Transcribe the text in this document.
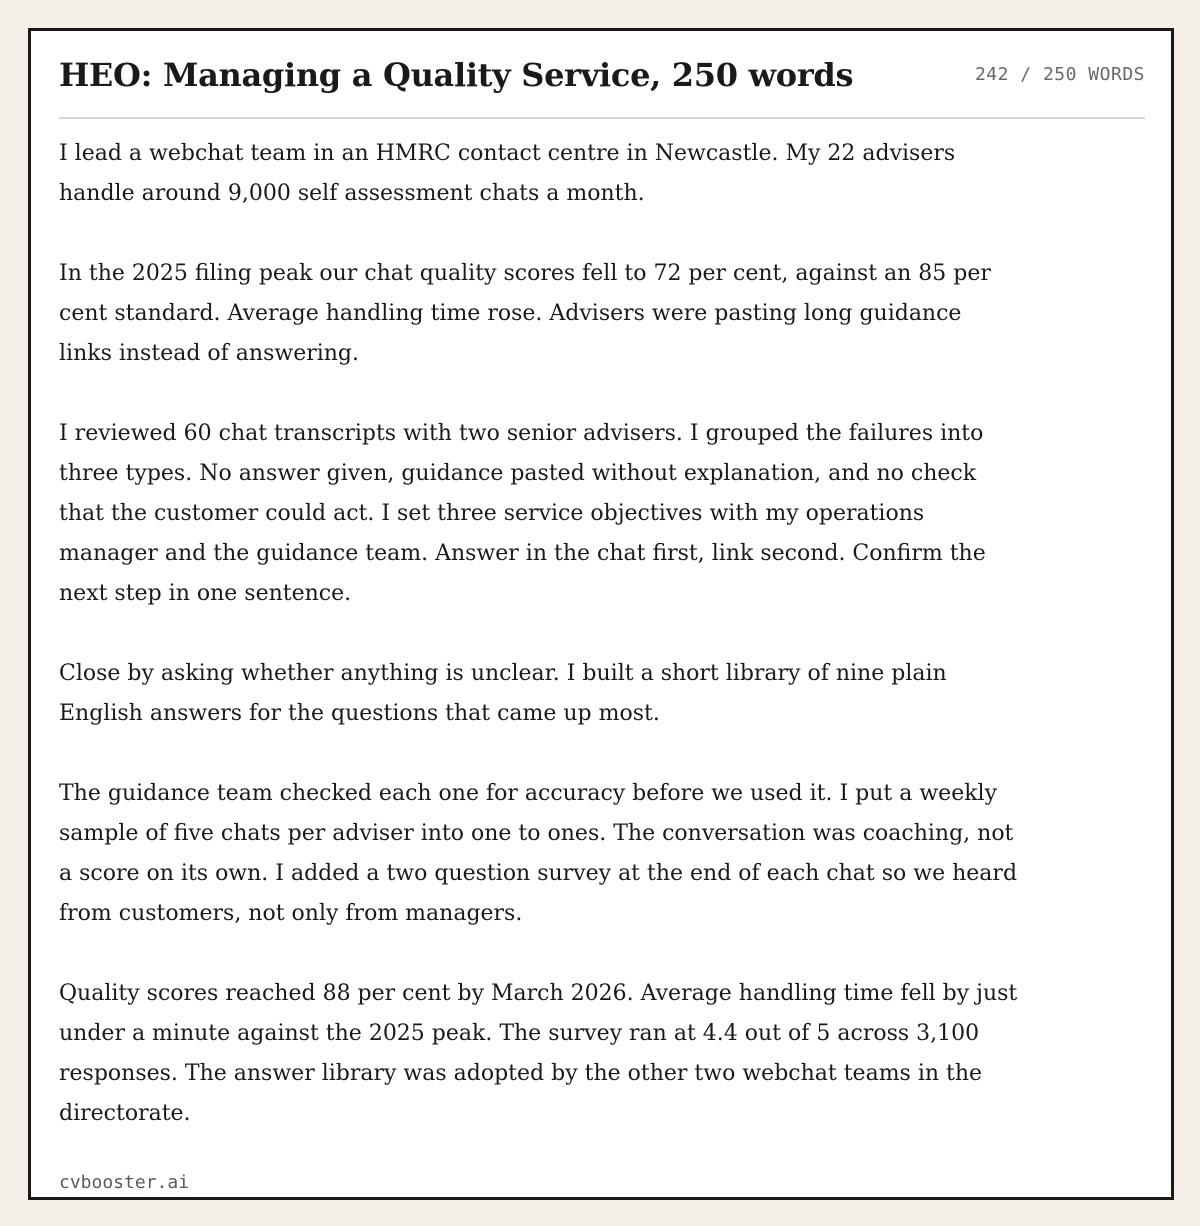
HEO: Managing a Quality Service, 250 words	242 / 250 WORDS

I lead a webchat team in an HMRC contact centre in Newcastle. My 22 advisers handle around 9,000 self assessment chats a month.

In the 2025 filing peak our chat quality scores fell to 72 per cent, against an 85 per cent standard. Average handling time rose. Advisers were pasting long guidance links instead of answering.

I reviewed 60 chat transcripts with two senior advisers. I grouped the failures into three types. No answer given, guidance pasted without explanation, and no check that the customer could act. I set three service objectives with my operations manager and the guidance team. Answer in the chat first, link second. Confirm the next step in one sentence.

Close by asking whether anything is unclear. I built a short library of nine plain English answers for the questions that came up most.

The guidance team checked each one for accuracy before we used it. I put a weekly sample of five chats per adviser into one to ones. The conversation was coaching, not a score on its own. I added a two question survey at the end of each chat so we heard from customers, not only from managers.

Quality scores reached 88 per cent by March 2026. Average handling time fell by just under a minute against the 2025 peak. The survey ran at 4.4 out of 5 across 3,100 responses. The answer library was adopted by the other two webchat teams in the directorate.

cvbooster.ai
